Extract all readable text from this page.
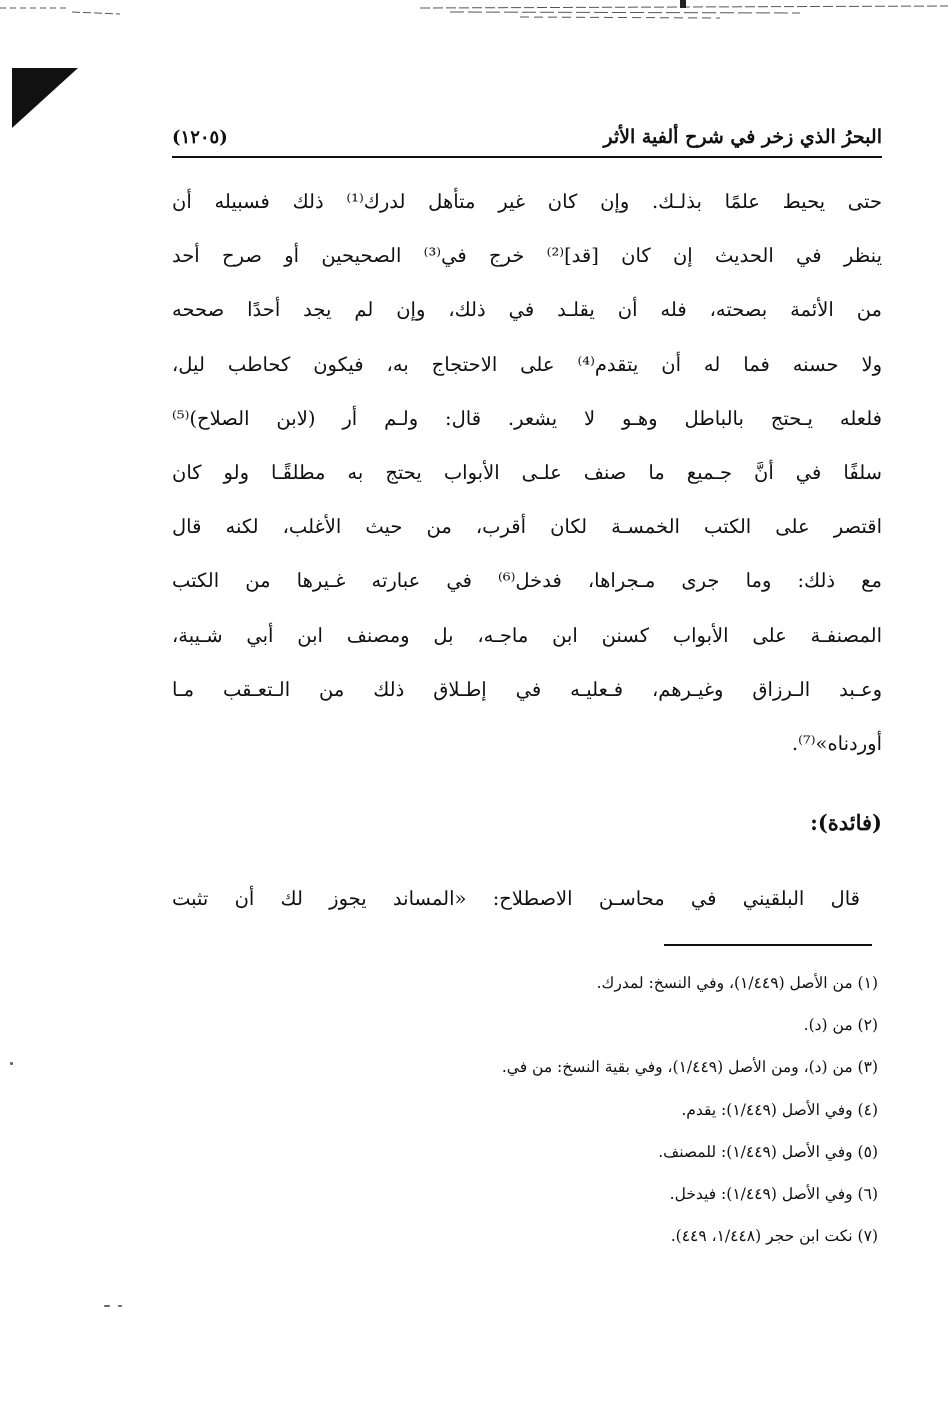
البحرُ الذي زخر في شرح ألفية الأثر
(١٢٠٥)
حتى يحيط علمًا بذلـك. وإن كان غير متأهل لدرك⁽¹⁾ ذلك فسبيله أن
ينظر في الحديث إن كان [قد]⁽²⁾ خرج في⁽³⁾ الصحيحين أو صرح أحد
من الأئمة بصحته، فله أن يقلـد في ذلك، وإن لم يجد أحدًا صححه
ولا حسنه فما له أن يتقدم⁽⁴⁾ على الاحتجاج به، فيكون كحاطب ليل،
فلعله يـحتج بالباطل وهـو لا يشعر. قال: ولـم أر (لابن الصلاح)⁽⁵⁾
سلفًا في أنَّ جـميع ما صنف علـى الأبواب يحتج به مطلقًـا ولو كان
اقتصر على الكتب الخمسـة لكان أقرب، من حيث الأغلب، لكنه قال
مع ذلك: وما جرى مـجراها، فدخل⁽⁶⁾ في عبارته غـيرها من الكتب
المصنفـة على الأبواب كسنن ابن ماجـه، بل ومصنف ابن أبي شـيبة،
وعـبد الـرزاق وغيـرهم، فـعليـه في إطـلاق ذلك من الـتعـقب مـا
أوردناه»⁽⁷⁾.
(فائدة):
قال البلقيني في محاسـن الاصطلاح: «المساند يجوز لك أن تثبت
(١) من الأصل (١/٤٤٩)، وفي النسخ: لمدرك.
(٢) من (د).
(٣) من (د)، ومن الأصل (١/٤٤٩)، وفي بقية النسخ: من في.
(٤) وفي الأصل (١/٤٤٩): يقدم.
(٥) وفي الأصل (١/٤٤٩): للمصنف.
(٦) وفي الأصل (١/٤٤٩): فيدخل.
(٧) نكت ابن حجر (١/٤٤٨، ٤٤٩).
